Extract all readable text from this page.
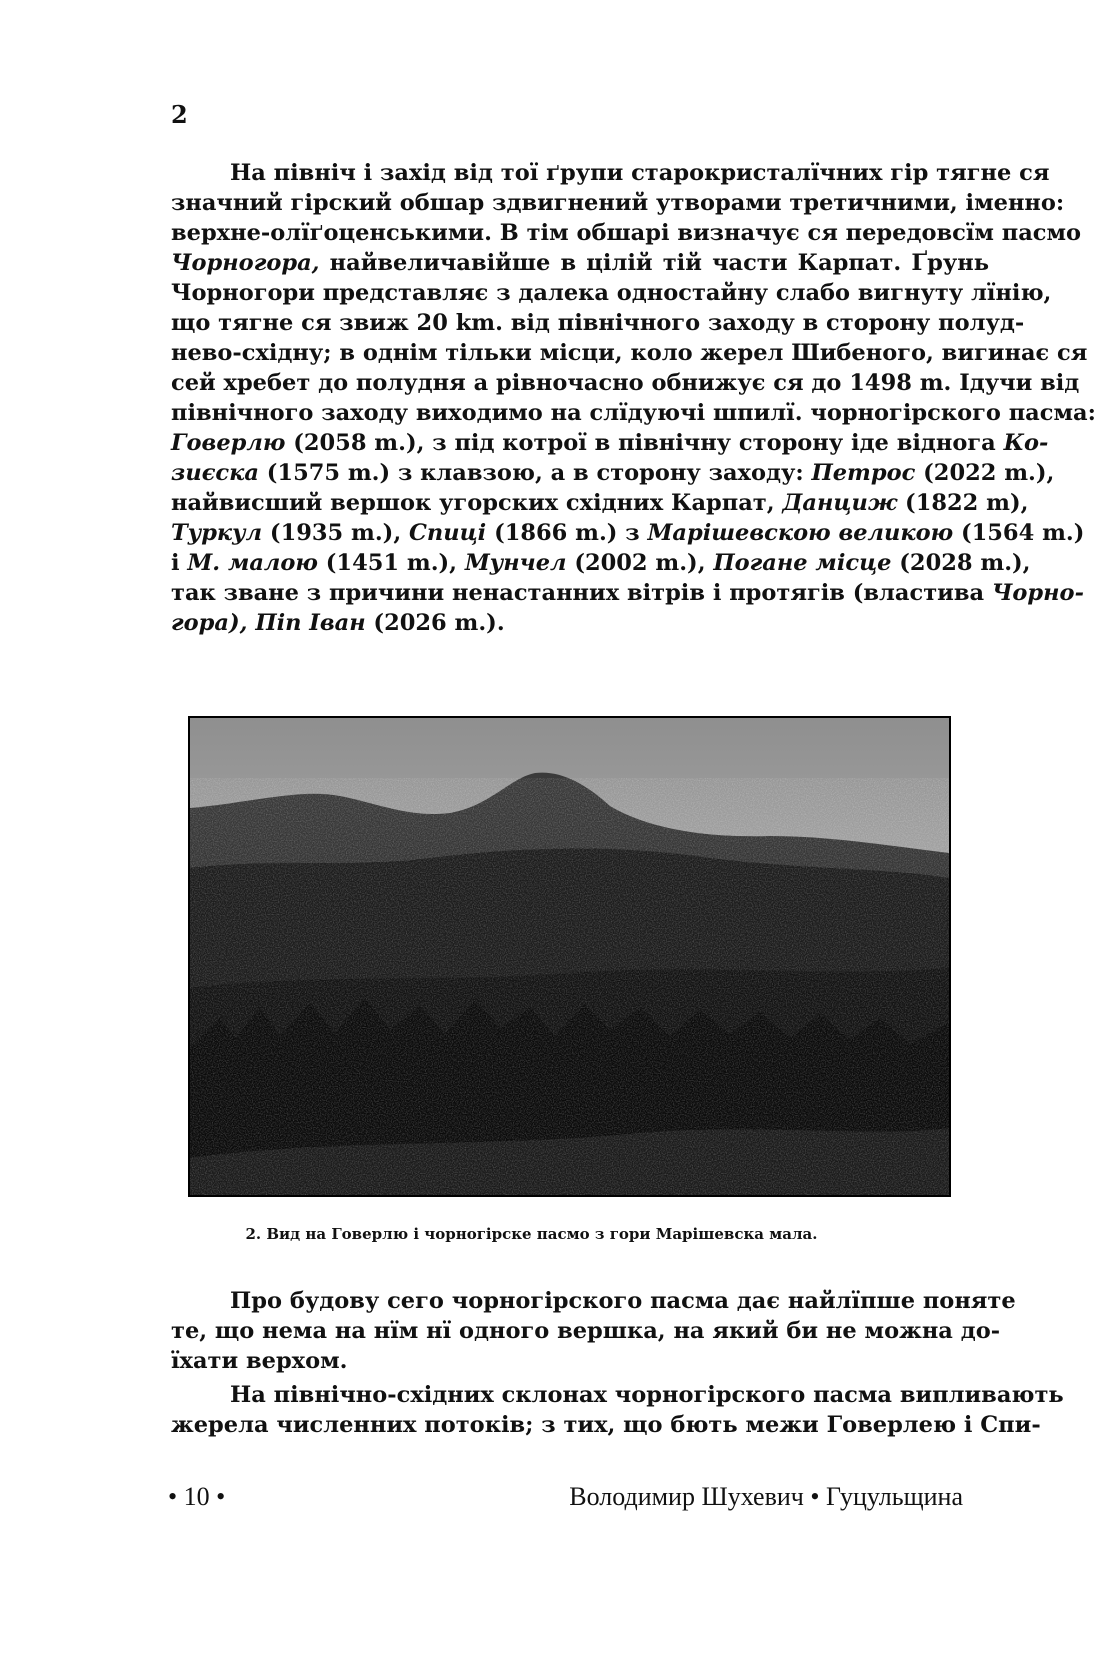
2
На північ і захід від тої ґрупи старокристалїчних гір тягне ся
значний гірский обшар здвигнений утворами третичними, іменно:
верхне-олїґоценськими. В тім обшарі визначує ся передовсїм пасмо
Чорногора, найвеличавійше в цілій тій части Карпат. Ґрунь
Чорногори представляє з далека одностайну слабо вигнуту лїнію,
що тягне ся звиж 20 km. від північного заходу в сторону полуд-
нево-східну; в однім тільки місци, коло жерел Шибеного, вигинає ся
сей хребет до полудня а рівночасно обнижує ся до 1498 m. Ідучи від
північного заходу виходимо на слїдуючі шпилї. чорногірского пасма:
Говерлю (2058 m.), з під котрої в північну сторону іде віднога Ко-
зиєска (1575 m.) з клавзою, а в сторону заходу: Петрос (2022 m.),
найвисший вершок угорских східних Карпат, Данциж (1822 m),
Туркул (1935 m.), Спиці (1866 m.) з Марішевскою великою (1564 m.)
і М. малою (1451 m.), Мунчел (2002 m.), Погане місце (2028 m.),
так зване з причини ненастанних вітрів і протягів (властива Чорно-
гора), Піп Іван (2026 m.).
2. Вид на Говерлю і чорногірске пасмо з гори Марішевска мала.
Про будову сего чорногірского пасма дає найлїпше поняте
те, що нема на нїм нї одного вершка, на який би не можна до-
їхати верхом.
На північно-східних склонах чорногірского пасма випливають
жерела численних потоків; з тих, що бють межи Говерлею і Спи-
• 10 •	Володимир Шухевич • Гуцульщина
